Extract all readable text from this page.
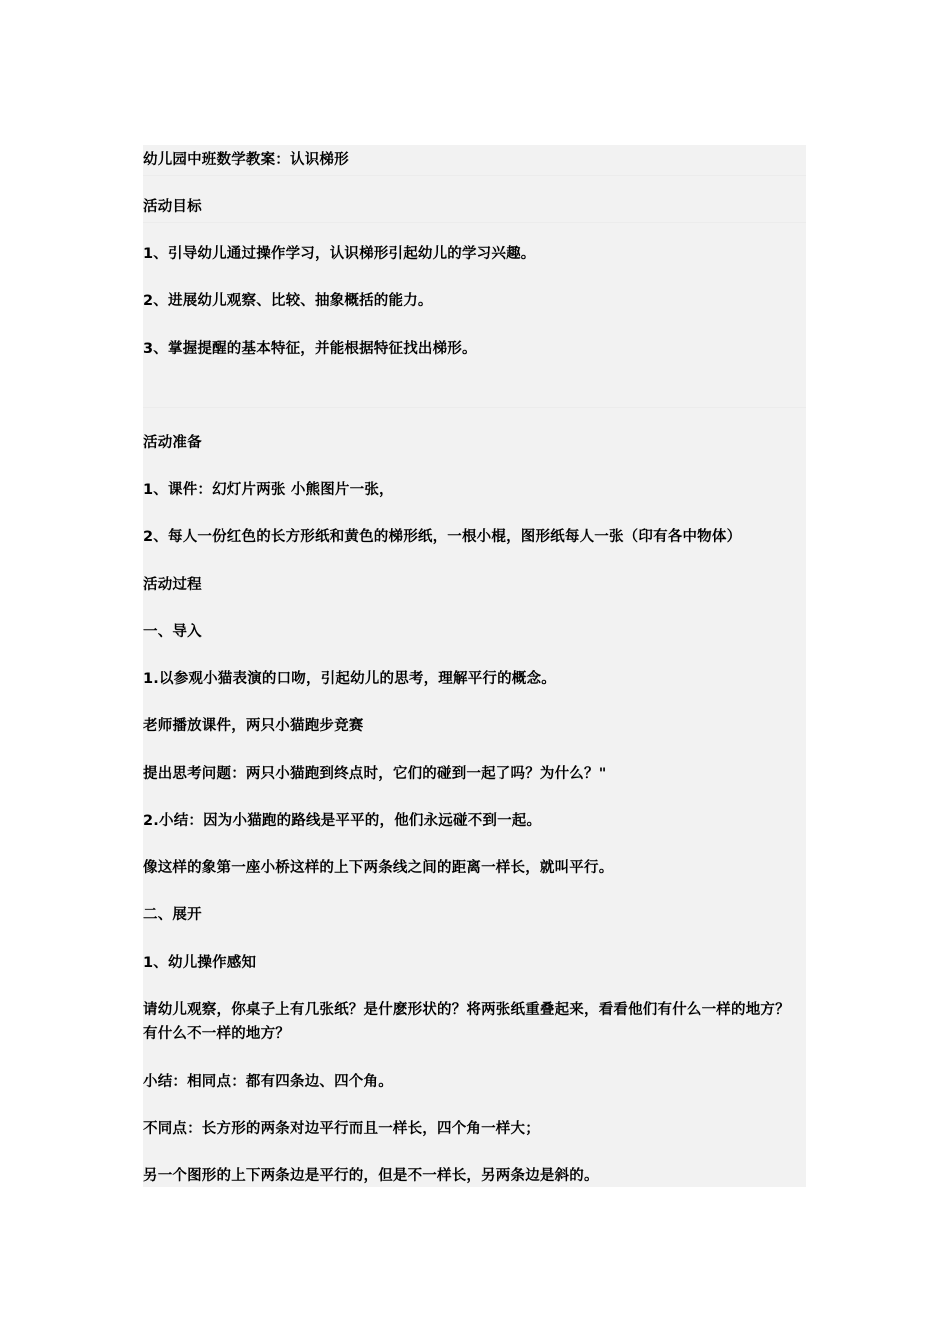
幼儿园中班数学教案：认识梯形
活动目标
1、引导幼儿通过操作学习，认识梯形引起幼儿的学习兴趣。
2、进展幼儿观察、比较、抽象概括的能力。
3、掌握提醒的基本特征，并能根据特征找出梯形。
活动准备
1、课件：幻灯片两张 小熊图片一张，
2、每人一份红色的长方形纸和黄色的梯形纸，一根小棍，图形纸每人一张（印有各中物体）
活动过程
一、导入
1.以参观小猫表演的口吻，引起幼儿的思考，理解平行的概念。
老师播放课件，两只小猫跑步竞赛
提出思考问题：两只小猫跑到终点时，它们的碰到一起了吗？为什么？"
2.小结：因为小猫跑的路线是平平的，他们永远碰不到一起。
像这样的象第一座小桥这样的上下两条线之间的距离一样长，就叫平行。
二、展开
1、幼儿操作感知
请幼儿观察，你桌子上有几张纸？是什麽形状的？将两张纸重叠起来，看看他们有什么一样的地方？有什么不一样的地方？
小结：相同点：都有四条边、四个角。
不同点：长方形的两条对边平行而且一样长，四个角一样大；
另一个图形的上下两条边是平行的，但是不一样长，另两条边是斜的。
